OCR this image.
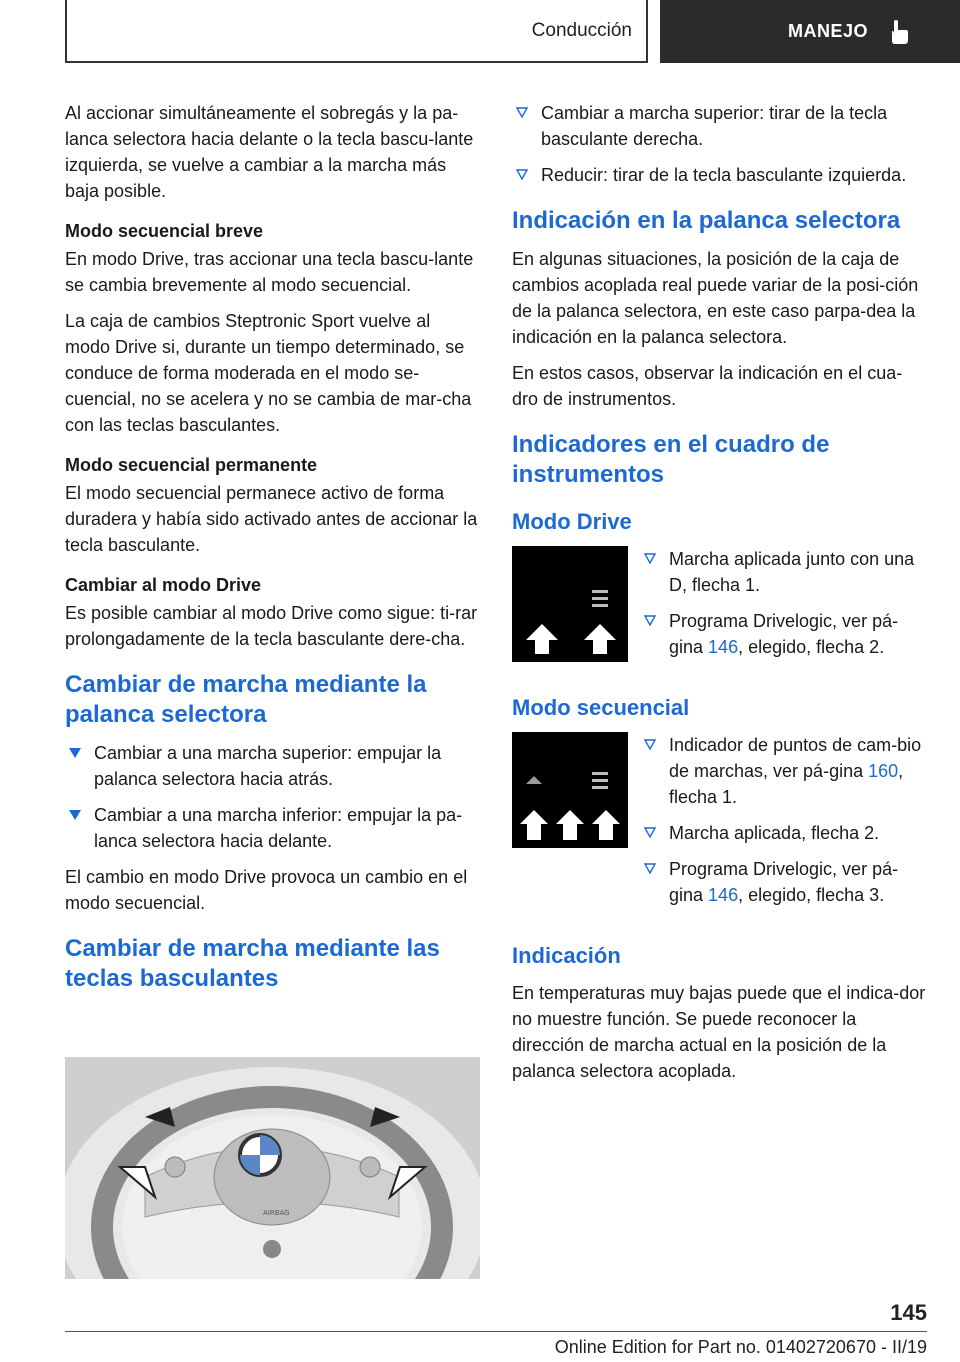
Conducción	MANEJO

Al accionar simultáneamente el sobregás y la pa-lanca selectora hacia delante o la tecla bascu-lante izquierda, se vuelve a cambiar a la marcha más baja posible.

Modo secuencial breve

En modo Drive, tras accionar una tecla bascu-lante se cambia brevemente al modo secuencial.

La caja de cambios Steptronic Sport vuelve al modo Drive si, durante un tiempo determinado, se conduce de forma moderada en el modo se-cuencial, no se acelera y no se cambia de mar-cha con las teclas basculantes.

Modo secuencial permanente

El modo secuencial permanece activo de forma duradera y había sido activado antes de accionar la tecla basculante.

Cambiar al modo Drive

Es posible cambiar al modo Drive como sigue: ti-rar prolongadamente de la tecla basculante dere-cha.

Cambiar de marcha mediante la palanca selectora
Cambiar a una marcha superior: empujar la palanca selectora hacia atrás.
Cambiar a una marcha inferior: empujar la pa-lanca selectora hacia delante.

El cambio en modo Drive provoca un cambio en el modo secuencial.

Cambiar de marcha mediante las teclas basculantes
AIRBAG
Cambiar a marcha superior: tirar de la tecla basculante derecha.
Reducir: tirar de la tecla basculante izquierda.
Indicación en la palanca selectora

En algunas situaciones, la posición de la caja de cambios acoplada real puede variar de la posi-ción de la palanca selectora, en este caso parpa-dea la indicación en la palanca selectora.

En estos casos, observar la indicación en el cua-dro de instrumentos.

Indicadores en el cuadro de instrumentos
Modo Drive
Marcha aplicada junto con una D, flecha 1.
Programa Drivelogic, ver pá-gina 146, elegido, flecha 2.
Modo secuencial
Indicador de puntos de cam-bio de marchas, ver pá-gina 160, flecha 1.
Marcha aplicada, flecha 2.
Programa Drivelogic, ver pá-gina 146, elegido, flecha 3.
Indicación

En temperaturas muy bajas puede que el indica-dor no muestre función. Se puede reconocer la dirección de marcha actual en la posición de la palanca selectora acoplada.

145
Online Edition for Part no. 01402720670 - II/19
